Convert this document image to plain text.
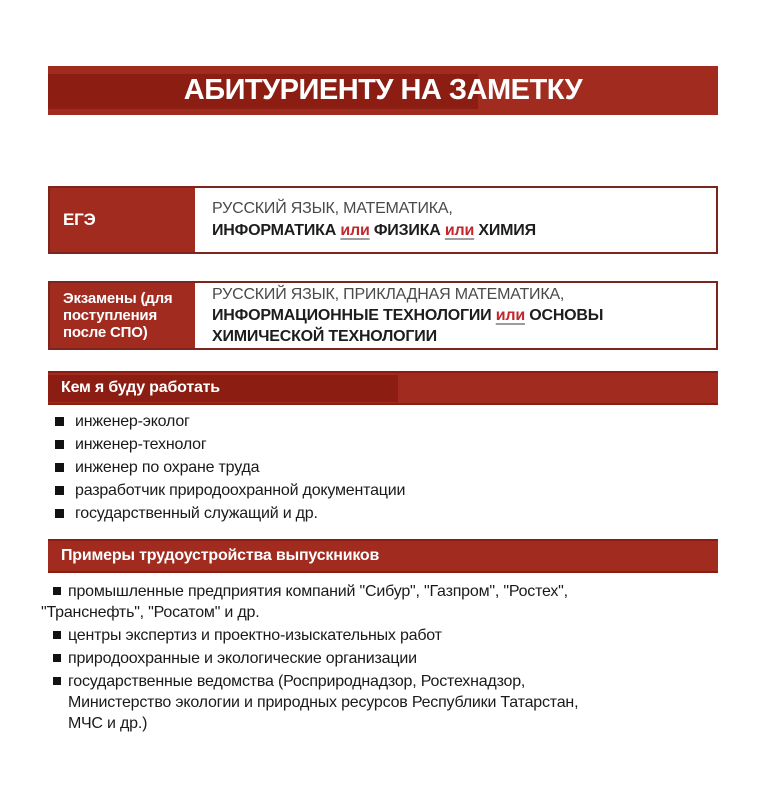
АБИТУРИЕНТУ НА ЗАМЕТКУ
ЕГЭ
РУССКИЙ ЯЗЫК, МАТЕМАТИКА,
ИНФОРМАТИКА или ФИЗИКА или ХИМИЯ
Экзамены (для поступления после СПО)
РУССКИЙ ЯЗЫК, ПРИКЛАДНАЯ МАТЕМАТИКА,
ИНФОРМАЦИОННЫЕ ТЕХНОЛОГИИ или ОСНОВЫ ХИМИЧЕСКОЙ ТЕХНОЛОГИИ
Кем я буду работать
инженер-эколог
инженер-технолог
инженер по охране труда
разработчик природоохранной документации
государственный служащий и др.
Примеры трудоустройства выпускников
промышленные предприятия компаний "Сибур", "Газпром", "Ростех",
"Транснефть", "Росатом" и др.
центры экспертиз и проектно-изыскательных работ
природоохранные и экологические организации
государственные ведомства (Росприроднадзор, Ростехнадзор,
Министерство экологии и природных ресурсов Республики Татарстан,
МЧС и др.)
